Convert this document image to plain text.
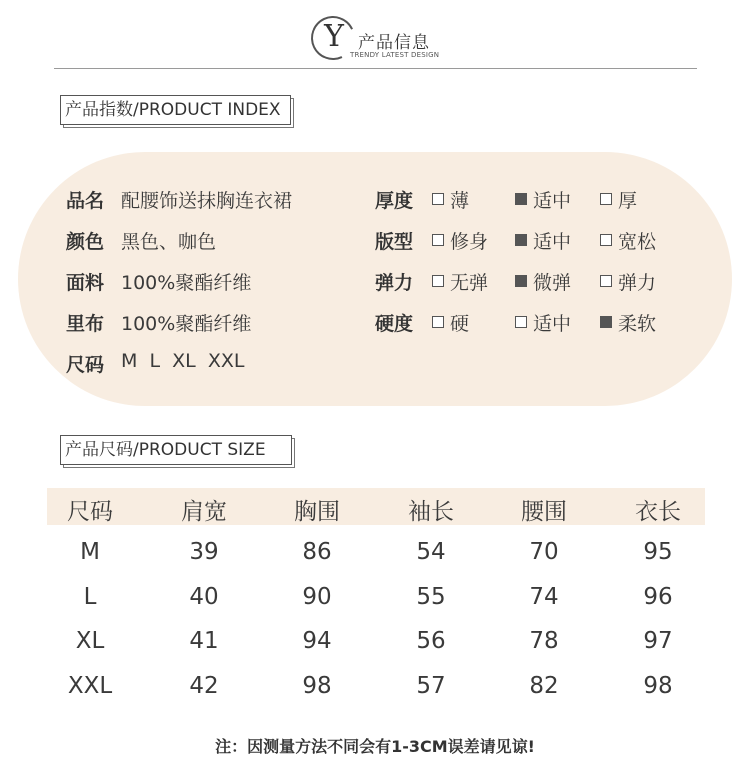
Y 产品信息
TRENDY LATEST DESIGN
产品指数/PRODUCT INDEX
品名 配腰饰送抹胸连衣裙
颜色 黑色、咖色
面料 100%聚酯纤维
里布 100%聚酯纤维
尺码 M  L  XL  XXL
厚度	薄	适中	厚
版型	修身	适中	宽松
弹力	无弹	微弹	弹力
硬度	硬	适中	柔软
产品尺码/PRODUCT SIZE
尺码	肩宽	胸围	袖长	腰围	衣长
M	39	86	54	70	95
L	40	90	55	74	96
XL	41	94	56	78	97
XXL	42	98	57	82	98
注：因测量方法不同会有1-3CM误差请见谅!
